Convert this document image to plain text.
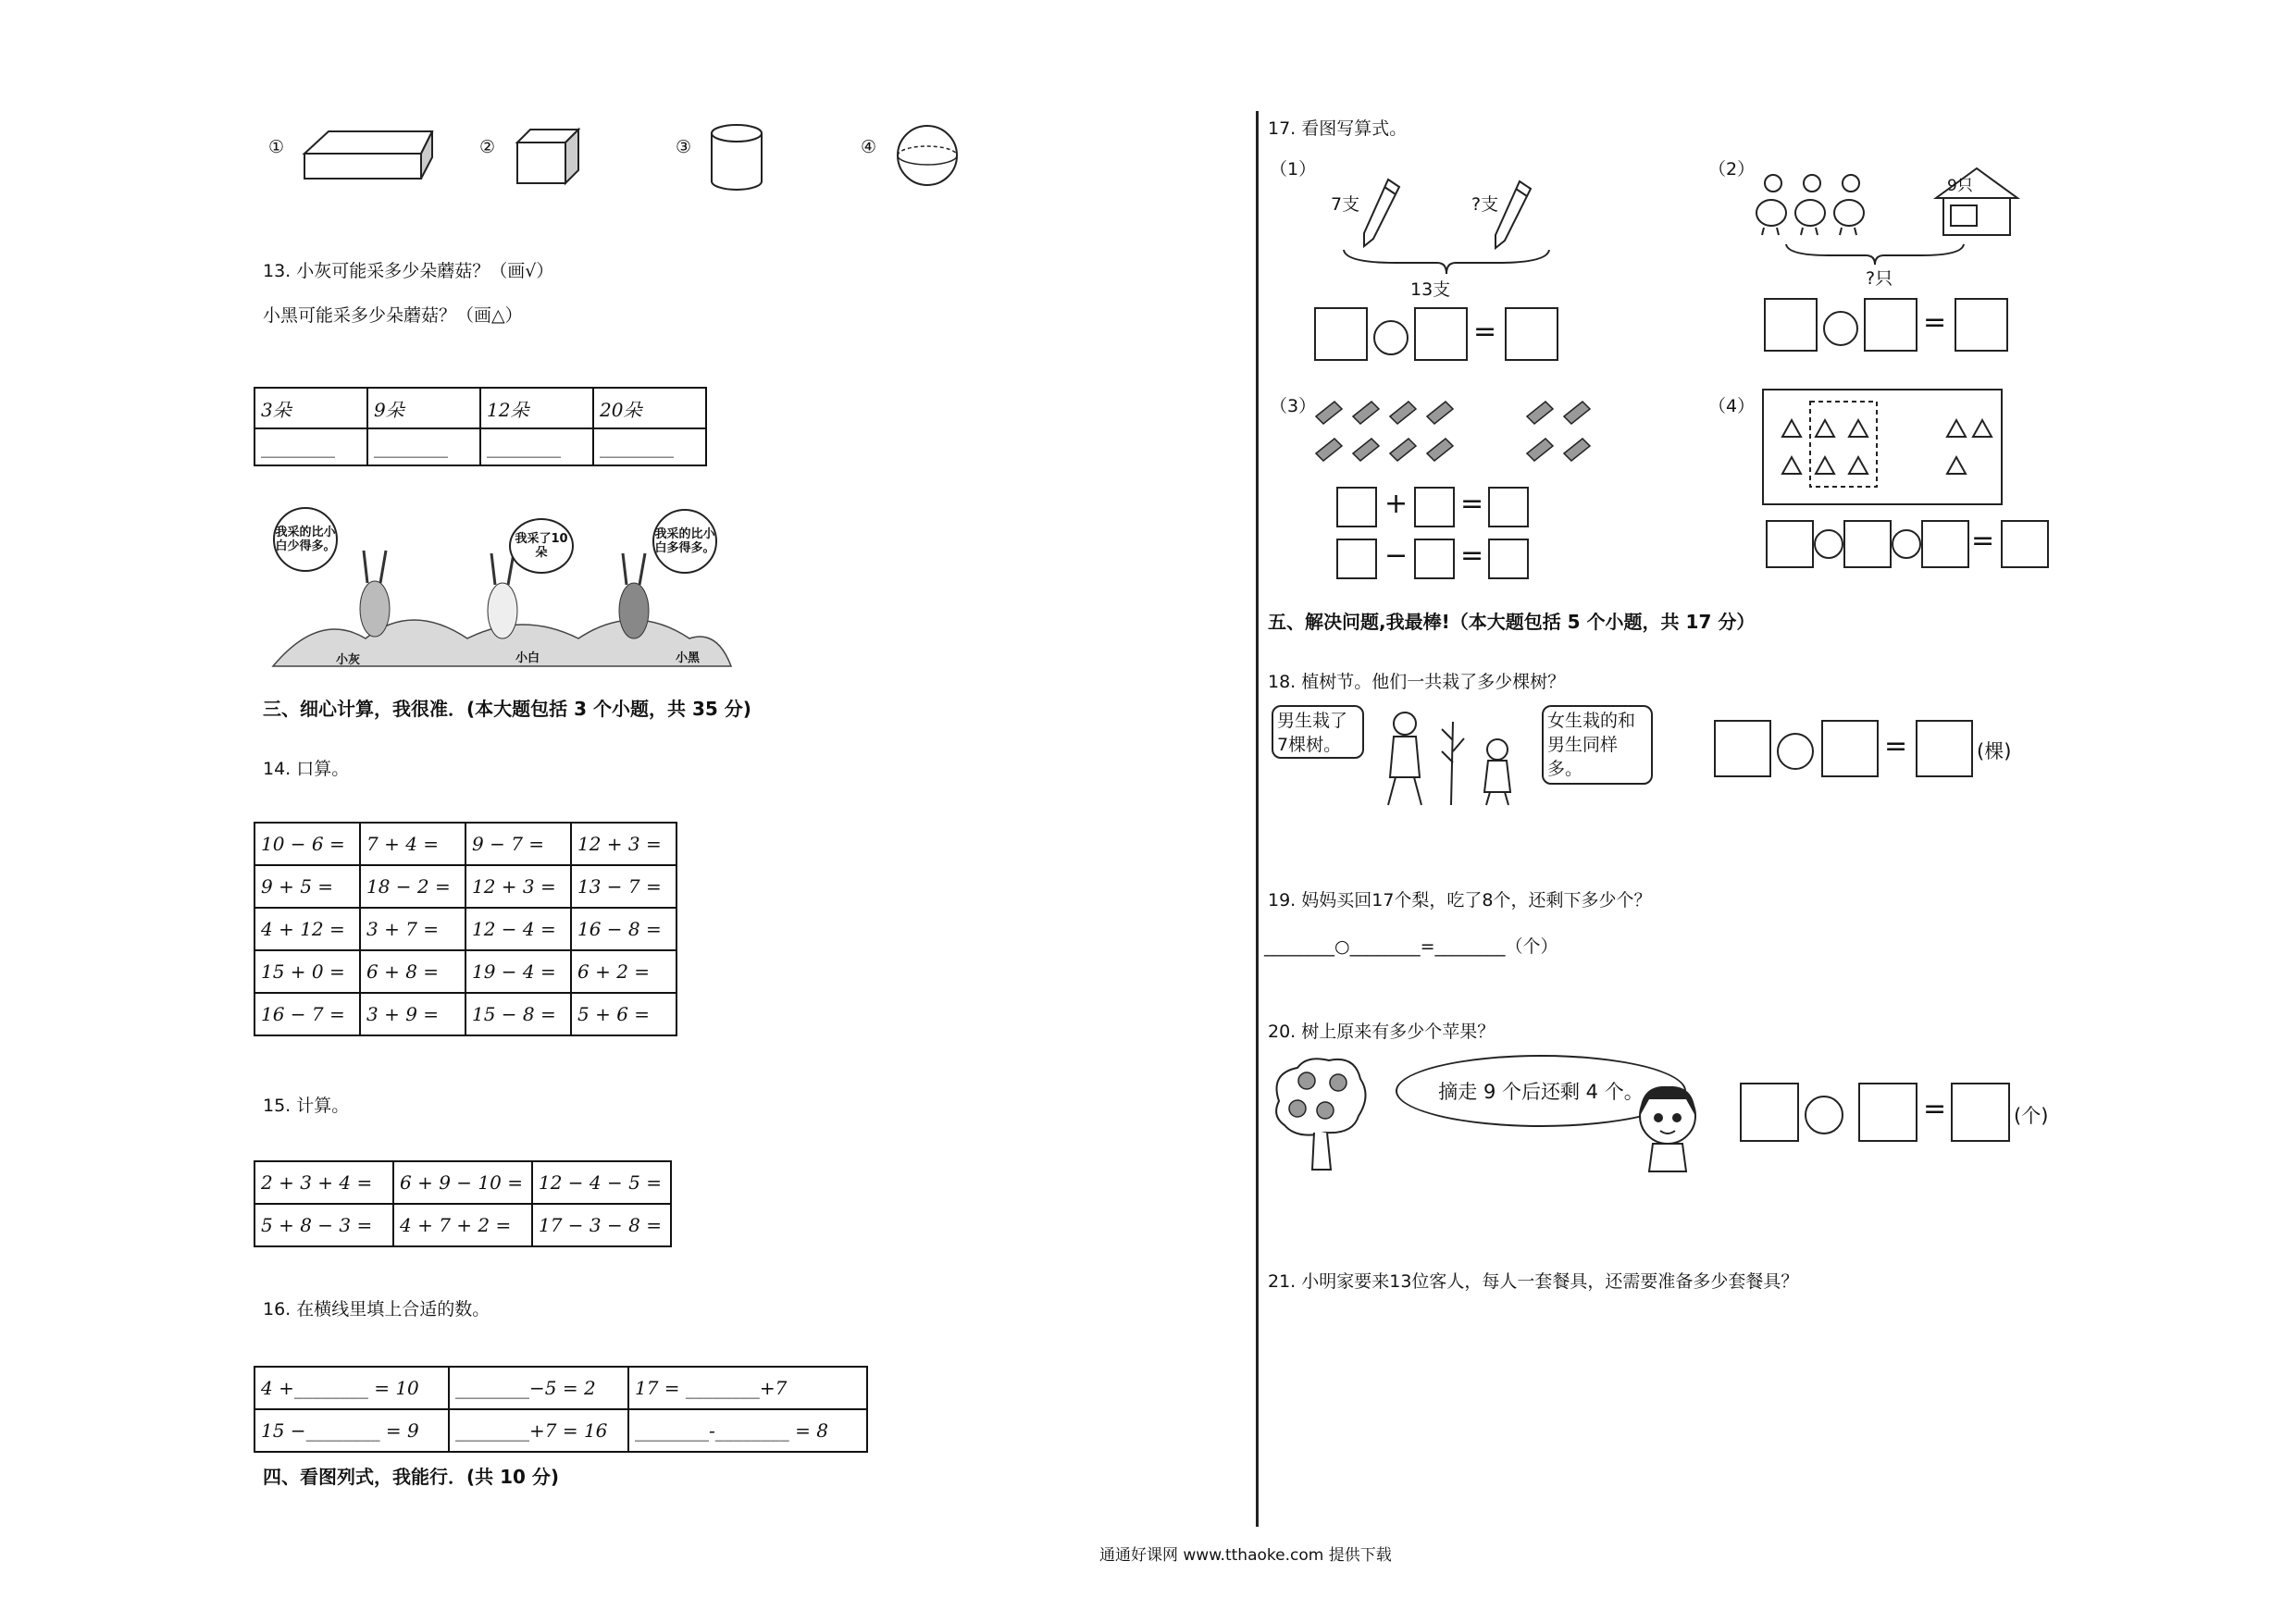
①	②	③	④
13. 小灰可能采多少朵蘑菇？（画√）
小黑可能采多少朵蘑菇？（画△）
3朵	9朵	12朵	20朵
________	________	________	________
我采的比小白少得多。
我采了10朵
我采的比小白多得多。
小灰	小白	小黑
三、细心计算，我很准．(本大题包括 3 个小题，共 35 分)
14. 口算。
10 − 6 =	7 + 4 =	9 − 7 =	12 + 3 =
9 + 5 =	18 − 2 =	12 + 3 =	13 − 7 =
4 + 12 =	3 + 7 =	12 − 4 =	16 − 8 =
15 + 0 =	6 + 8 =	19 − 4 =	6 + 2 =
16 − 7 =	3 + 9 =	15 − 8 =	5 + 6 =
15. 计算。
2 + 3 + 4 =	6 + 9 − 10 =	12 − 4 − 5 =
5 + 8 − 3 =	4 + 7 + 2 =	17 − 3 − 8 =
16. 在横线里填上合适的数。
4 +________ = 10	________−5 = 2	17 = ________+7
15 −________ = 9	________+7 = 16	________-________ = 8
四、看图列式，我能行．(共 10 分)
17. 看图写算式。
（1）
7支	?支
13支
=
（2）
9只
?只
=
（3）
+ =
− =
（4）
=
五、解决问题,我最棒!（本大题包括 5 个小题，共 17 分）
18. 植树节。他们一共栽了多少棵树？
男生栽了7棵树。
女生栽的和男生同样多。
=	(棵)
19. 妈妈买回17个梨，吃了8个，还剩下多少个？
________○________=________（个）
20. 树上原来有多少个苹果？
摘走 9 个后还剩 4 个。
=	(个)
21. 小明家要来13位客人，每人一套餐具，还需要准备多少套餐具？
通通好课网 www.tthaoke.com 提供下载
